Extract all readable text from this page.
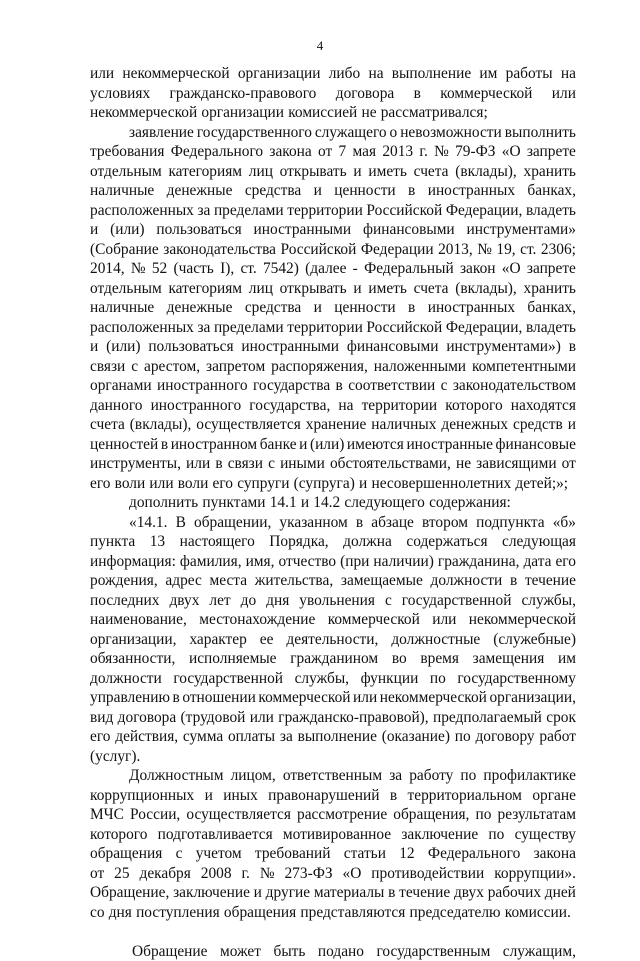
4
или некоммерческой организации либо на выполнение им работы на
условиях гражданско-правового договора в коммерческой или
некоммерческой организации комиссией не рассматривался;
заявление государственного служащего о невозможности выполнить
требования Федерального закона от 7 мая 2013 г. № 79-ФЗ «О запрете
отдельным категориям лиц открывать и иметь счета (вклады), хранить
наличные денежные средства и ценности в иностранных банках,
расположенных за пределами территории Российской Федерации, владеть
и (или) пользоваться иностранными финансовыми инструментами»
(Собрание законодательства Российской Федерации 2013, № 19, ст. 2306;
2014, № 52 (часть I), ст. 7542) (далее - Федеральный закон «О запрете
отдельным категориям лиц открывать и иметь счета (вклады), хранить
наличные денежные средства и ценности в иностранных банках,
расположенных за пределами территории Российской Федерации, владеть
и (или) пользоваться иностранными финансовыми инструментами») в
связи с арестом, запретом распоряжения, наложенными компетентными
органами иностранного государства в соответствии с законодательством
данного иностранного государства, на территории которого находятся
счета (вклады), осуществляется хранение наличных денежных средств и
ценностей в иностранном банке и (или) имеются иностранные финансовые
инструменты, или в связи с иными обстоятельствами, не зависящими от
его воли или воли его супруги (супруга) и несовершеннолетних детей;»;
дополнить пунктами 14.1 и 14.2 следующего содержания:
«14.1. В обращении, указанном в абзаце втором подпункта «б»
пункта 13 настоящего Порядка, должна содержаться следующая
информация: фамилия, имя, отчество (при наличии) гражданина, дата его
рождения, адрес места жительства, замещаемые должности в течение
последних двух лет до дня увольнения с государственной службы,
наименование, местонахождение коммерческой или некоммерческой
организации, характер ее деятельности, должностные (служебные)
обязанности, исполняемые гражданином во время замещения им
должности государственной службы, функции по государственному
управлению в отношении коммерческой или некоммерческой организации,
вид договора (трудовой или гражданско-правовой), предполагаемый срок
его действия, сумма оплаты за выполнение (оказание) по договору работ
(услуг).
Должностным лицом, ответственным за работу по профилактике
коррупционных и иных правонарушений в территориальном органе
МЧС России, осуществляется рассмотрение обращения, по результатам
которого подготавливается мотивированное заключение по существу
обращения с учетом требований статьи 12 Федерального закона
от 25 декабря 2008 г. № 273-ФЗ «О противодействии коррупции».
Обращение, заключение и другие материалы в течение двух рабочих дней
со дня поступления обращения представляются председателю комиссии.
Обращение может быть подано государственным служащим,
